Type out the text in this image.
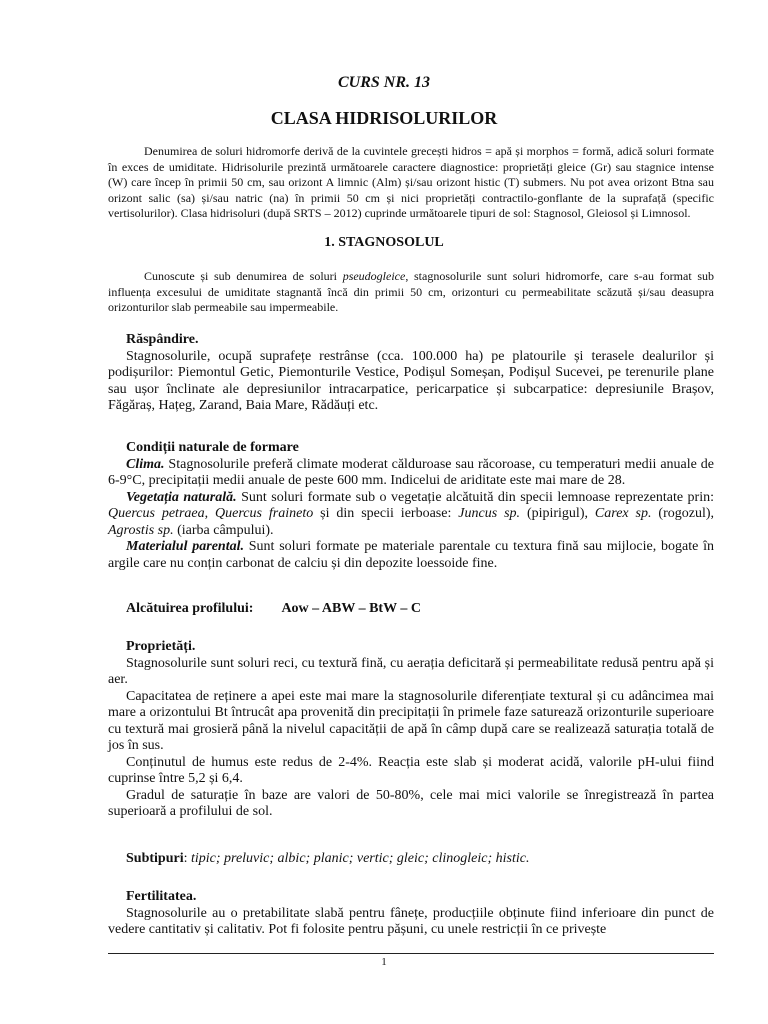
CURS NR. 13
CLASA HIDRISOLURILOR

Denumirea de soluri hidromorfe derivă de la cuvintele grecești hidros = apă și morphos = formă, adică soluri formate în exces de umiditate. Hidrisolurile prezintă următoarele caractere diagnostice: proprietăți gleice (Gr) sau stagnice intense (W) care încep în primii 50 cm, sau orizont A limnic (Alm) și/sau orizont histic (T) submers. Nu pot avea orizont Btna sau orizont salic (sa) și/sau natric (na) în primii 50 cm și nici proprietăți contractilo-gonflante de la suprafață (specific vertisolurilor). Clasa hidrisoluri (după SRTS – 2012) cuprinde următoarele tipuri de sol: Stagnosol, Gleiosol și Limnosol.

1. STAGNOSOLUL

Cunoscute și sub denumirea de soluri pseudogleice, stagnosolurile sunt soluri hidromorfe, care s-au format sub influența excesului de umiditate stagnantă încă din primii 50 cm, orizonturi cu permeabilitate scăzută și/sau deasupra orizonturilor slab permeabile sau impermeabile.

Răspândire.

Stagnosolurile, ocupă suprafețe restrânse (cca. 100.000 ha) pe platourile și terasele dealurilor și podișurilor: Piemontul Getic, Piemonturile Vestice, Podișul Someșan, Podișul Sucevei, pe terenurile plane sau ușor înclinate ale depresiunilor intracarpatice, pericarpatice și subcarpatice: depresiunile Brașov, Făgăraș, Hațeg, Zarand, Baia Mare, Rădăuți etc.

Condiții naturale de formare

Clima. Stagnosolurile preferă climate moderat călduroase sau răcoroase, cu temperaturi medii anuale de 6-9°C, precipitații medii anuale de peste 600 mm. Indicelui de ariditate este mai mare de 28.

Vegetația naturală. Sunt soluri formate sub o vegetație alcătuită din specii lemnoase reprezentate prin: Quercus petraea, Quercus fraineto și din specii ierboase: Juncus sp. (pipirigul), Carex sp. (rogozul), Agrostis sp. (iarba câmpului).

Materialul parental. Sunt soluri formate pe materiale parentale cu textura fină sau mijlocie, bogate în argile care nu conțin carbonat de calciu și din depozite loessoide fine.

Alcătuirea profilului: Aow – ABW – BtW – C
Proprietăți.

Stagnosolurile sunt soluri reci, cu textură fină, cu aerația deficitară și permeabilitate redusă pentru apă și aer.

Capacitatea de reținere a apei este mai mare la stagnosolurile diferențiate textural și cu adâncimea mai mare a orizontului Bt întrucât apa provenită din precipitații în primele faze saturează orizonturile superioare cu textură mai grosieră până la nivelul capacității de apă în câmp după care se realizează saturația totală de jos în sus.

Conținutul de humus este redus de 2-4%. Reacția este slab și moderat acidă, valorile pH-ului fiind cuprinse între 5,2 și 6,4.

Gradul de saturație în baze are valori de 50-80%, cele mai mici valorile se înregistrează în partea superioară a profilului de sol.

Subtipuri: tipic; preluvic; albic; planic; vertic; gleic; clinogleic; histic.
Fertilitatea.

Stagnosolurile au o pretabilitate slabă pentru fânețe, producțiile obținute fiind inferioare din punct de vedere cantitativ și calitativ. Pot fi folosite pentru pășuni, cu unele restricții în ce privește

1
